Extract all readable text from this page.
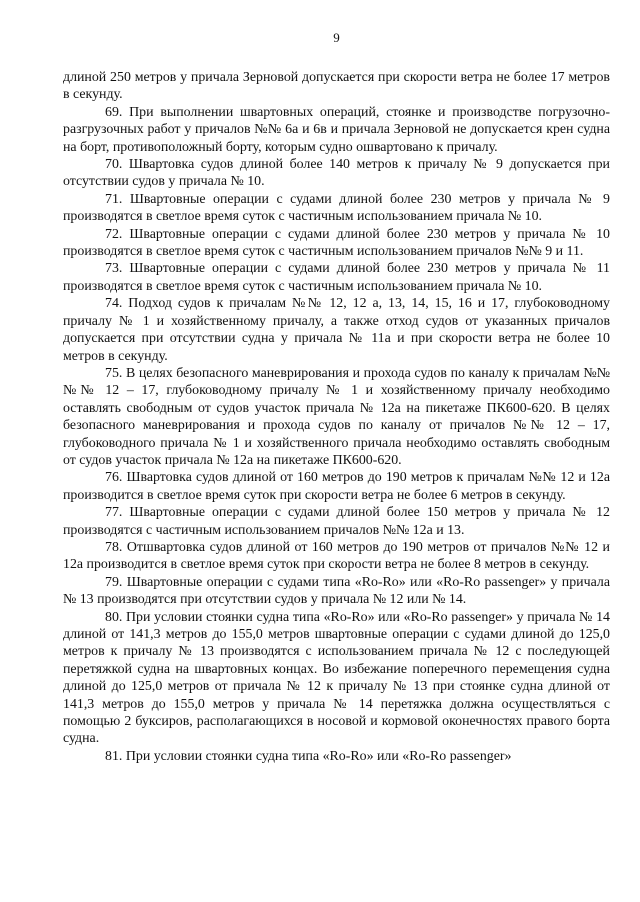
9

длиной 250 метров у причала Зерновой допускается при скорости ветра не более 17 метров в секунду.

69. При выполнении швартовных операций, стоянке и производстве погрузочно-разгрузочных работ у причалов №№ 6а и 6в и причала Зерновой не допускается крен судна на борт, противоположный борту, которым судно ошвартовано к причалу.

70. Швартовка судов длиной более 140 метров к причалу № 9 допускается при отсутствии судов у причала № 10.

71. Швартовные операции с судами длиной более 230 метров у причала № 9 производятся в светлое время суток с частичным использованием причала № 10.

72. Швартовные операции с судами длиной более 230 метров у причала № 10 производятся в светлое время суток с частичным использованием причалов №№ 9 и 11.

73. Швартовные операции с судами длиной более 230 метров у причала № 11 производятся в светлое время суток с частичным использованием причала № 10.

74. Подход судов к причалам №№ 12, 12 а, 13, 14, 15, 16 и 17, глубоководному причалу № 1 и хозяйственному причалу, а также отход судов от указанных причалов допускается при отсутствии судна у причала № 11а и при скорости ветра не более 10 метров в секунду.

75. В целях безопасного маневрирования и прохода судов по каналу к причалам №№ №№ 12 – 17, глубоководному причалу № 1 и хозяйственному причалу необходимо оставлять свободным от судов участок причала № 12а на пикетаже ПК600-620. В целях безопасного маневрирования и прохода судов по каналу от причалов №№ 12 – 17, глубоководного причала № 1 и хозяйственного причала необходимо оставлять свободным от судов участок причала № 12а на пикетаже ПК600-620.

76. Швартовка судов длиной от 160 метров до 190 метров к причалам №№ 12 и 12а производится в светлое время суток при скорости ветра не более 6 метров в секунду.

77. Швартовные операции с судами длиной более 150 метров у причала № 12 производятся с частичным использованием причалов №№ 12а и 13.

78. Отшвартовка судов длиной от 160 метров до 190 метров от причалов №№ 12 и 12а производится в светлое время суток при скорости ветра не более 8 метров в секунду.

79. Швартовные операции с судами типа «Ro-Ro» или «Ro-Ro passenger» у причала № 13 производятся при отсутствии судов у причала № 12 или № 14.

80. При условии стоянки судна типа «Ro-Ro» или «Ro-Ro passenger» у причала № 14 длиной от 141,3 метров до 155,0 метров швартовные операции с судами длиной до 125,0 метров к причалу № 13 производятся с использованием причала № 12 с последующей перетяжкой судна на швартовных концах. Во избежание поперечного перемещения судна длиной до 125,0 метров от причала № 12 к причалу № 13 при стоянке судна длиной от 141,3 метров до 155,0 метров у причала № 14 перетяжка должна осуществляться с помощью 2 буксиров, располагающихся в носовой и кормовой оконечностях правого борта судна.

81. При условии стоянки судна типа «Ro-Ro» или «Ro-Ro passenger»
